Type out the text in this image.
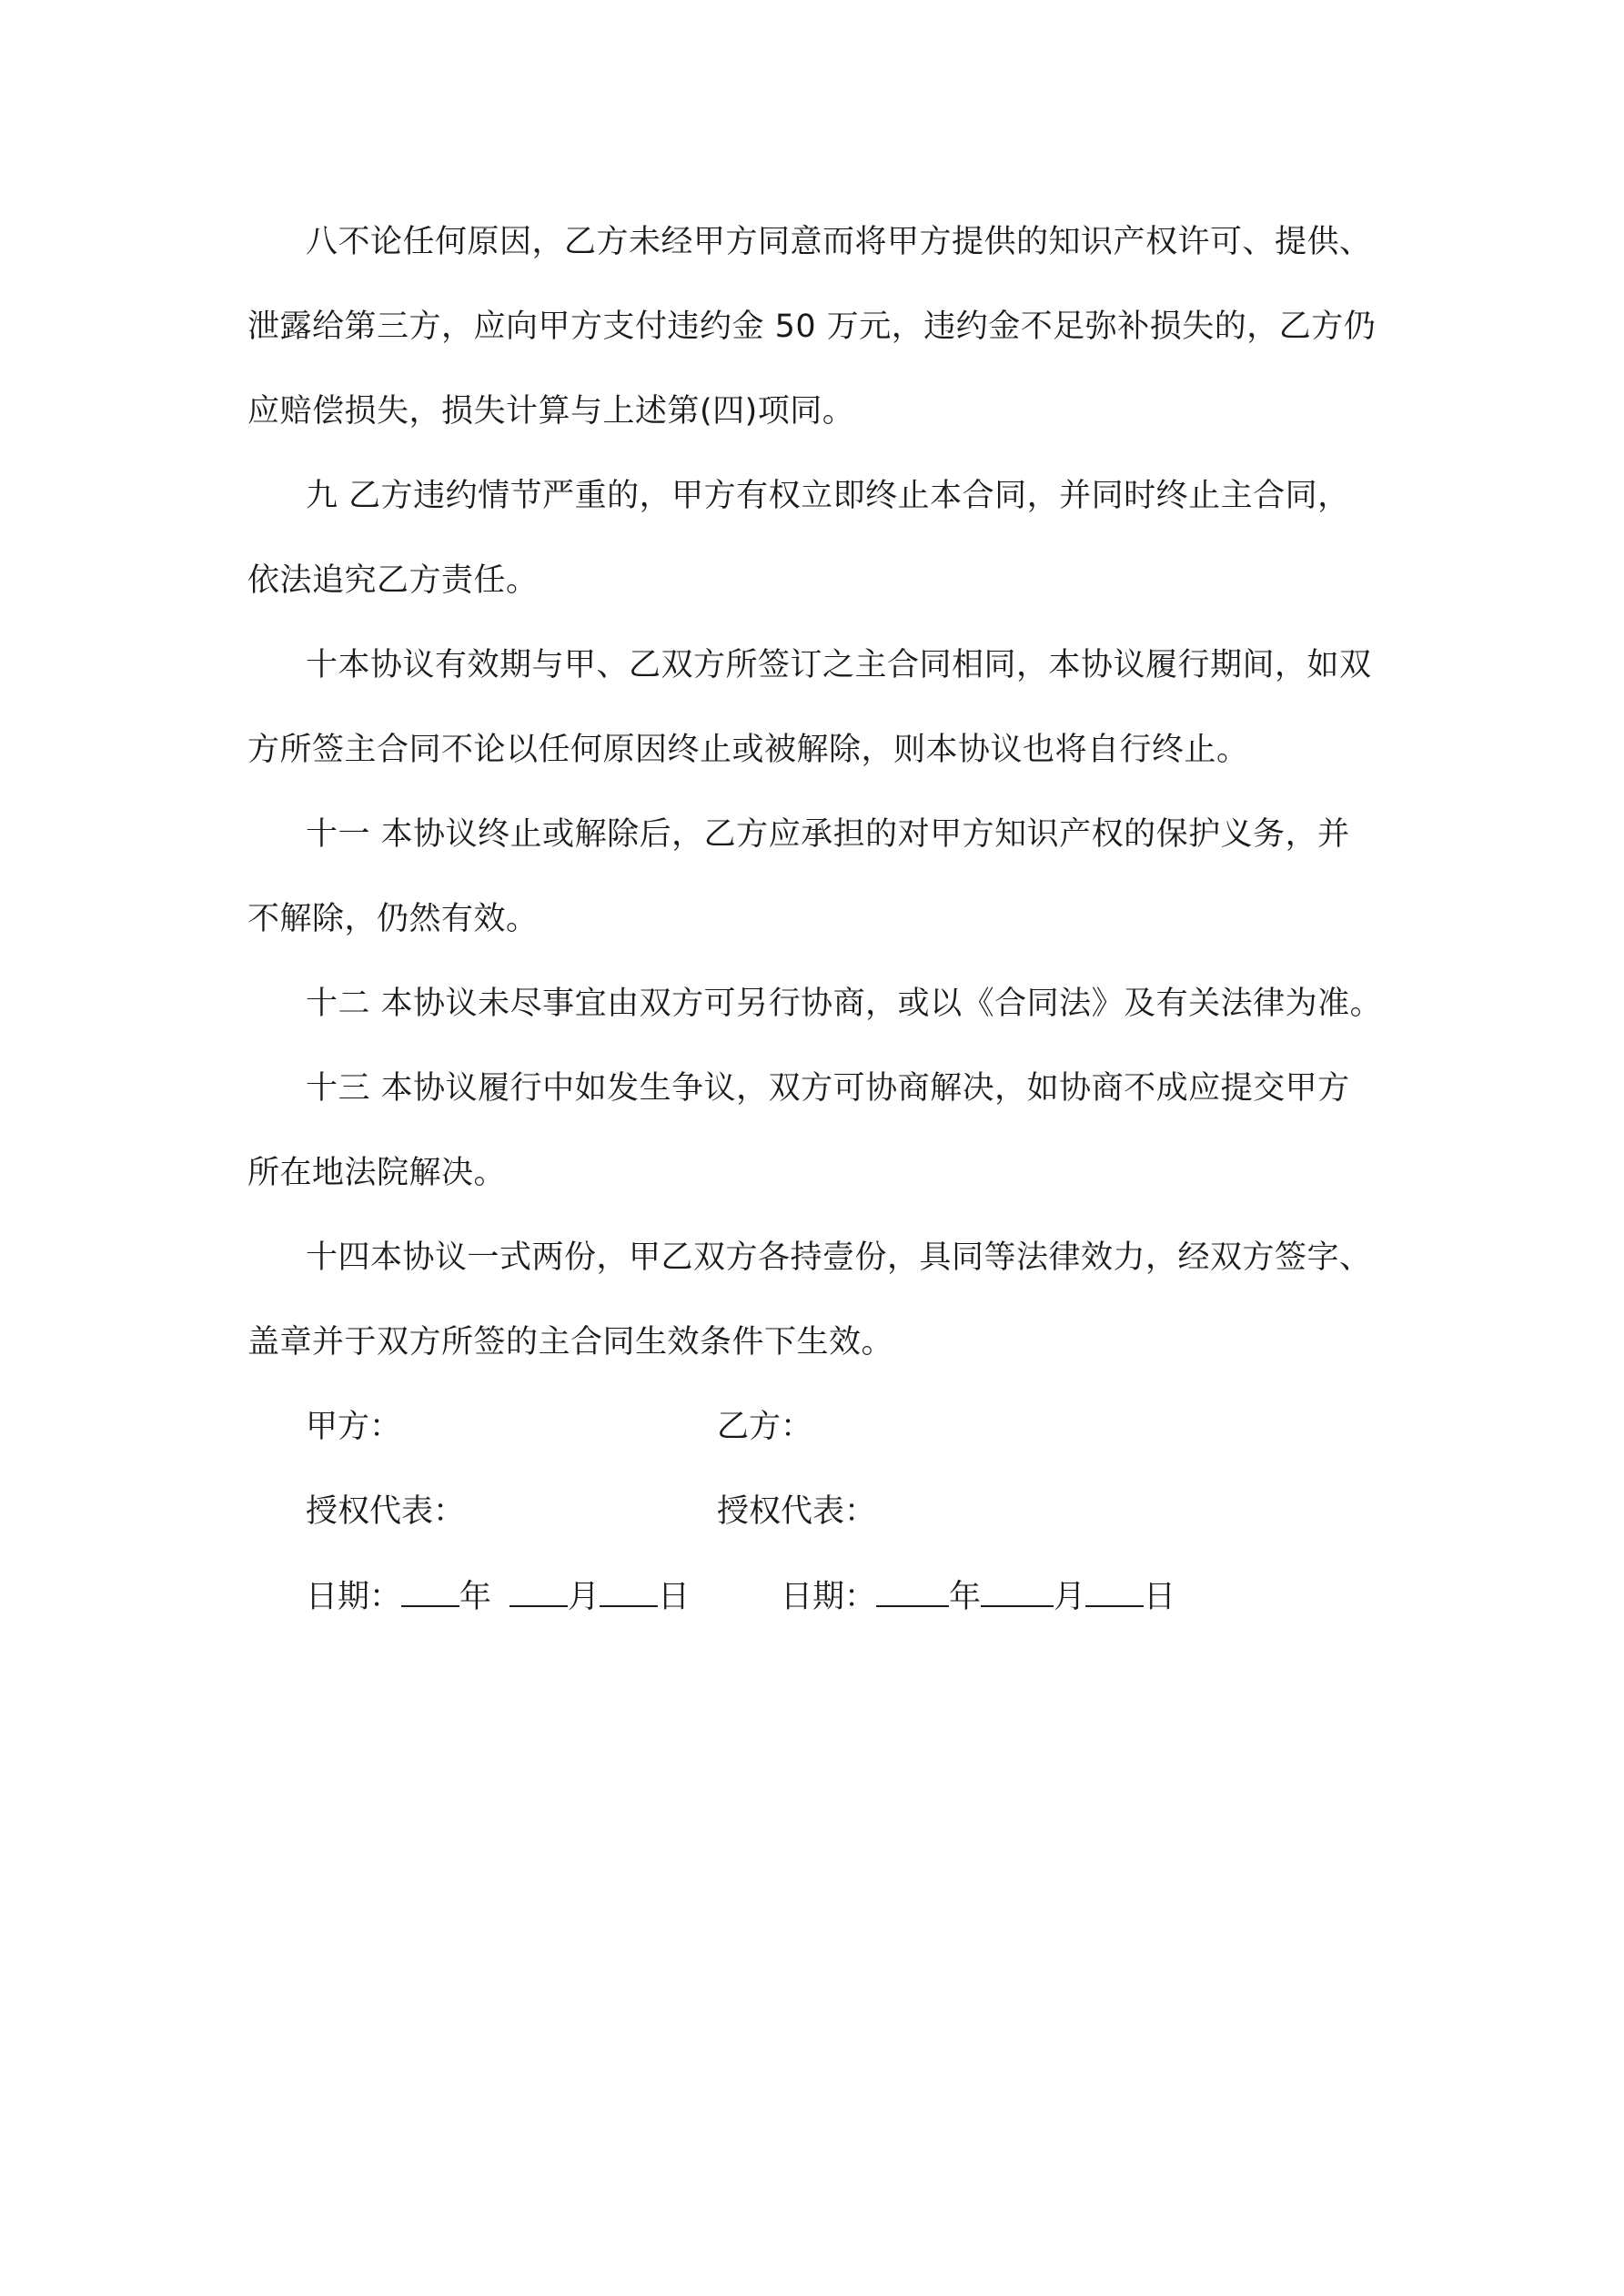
八不论任何原因，乙方未经甲方同意而将甲方提供的知识产权许可、提供、
泄露给第三方，应向甲方支付违约金 50 万元，违约金不足弥补损失的，乙方仍
应赔偿损失，损失计算与上述第(四)项同。
九 乙方违约情节严重的，甲方有权立即终止本合同，并同时终止主合同，
依法追究乙方责任。
十本协议有效期与甲、乙双方所签订之主合同相同，本协议履行期间，如双
方所签主合同不论以任何原因终止或被解除，则本协议也将自行终止。
十一 本协议终止或解除后，乙方应承担的对甲方知识产权的保护义务，并
不解除，仍然有效。
十二 本协议未尽事宜由双方可另行协商，或以《合同法》及有关法律为准。
十三 本协议履行中如发生争议，双方可协商解决，如协商不成应提交甲方
所在地法院解决。
十四本协议一式两份，甲乙双方各持壹份，具同等法律效力，经双方签字、
盖章并于双方所签的主合同生效条件下生效。
甲方：	乙方：
授权代表：	授权代表：
日期： 年 月 日	日期： 年 月 日
